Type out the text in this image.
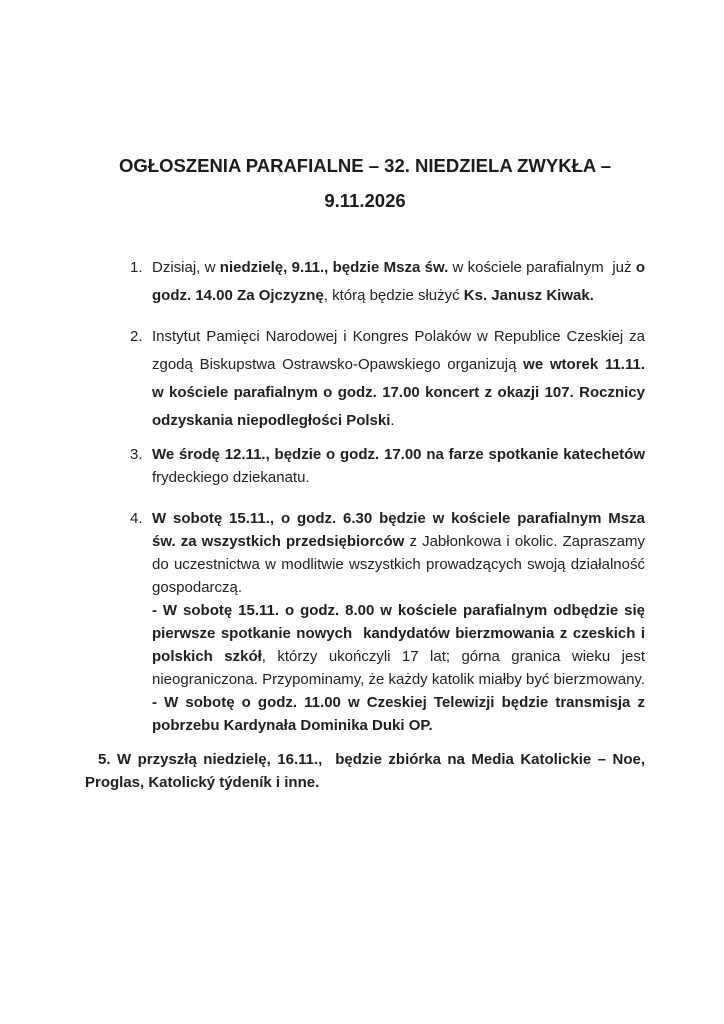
OGŁOSZENIA PARAFIALNE – 32. NIEDZIELA ZWYKŁA –
9.11.2026
1. Dzisiaj, w niedzielę, 9.11., będzie Msza św. w kościele parafialnym  już o godz. 14.00 Za Ojczyznę, którą będzie służyć Ks. Janusz Kiwak.

2. Instytut Pamięci Narodowej i Kongres Polaków w Republice Czeskiej za zgodą Biskupstwa Ostrawsko-Opawskiego organizują we wtorek 11.11. w kościele parafialnym o godz. 17.00 koncert z okazji 107. Rocznicy odzyskania niepodległości Polski.

3. We środę 12.11., będzie o godz. 17.00 na farze spotkanie katechetów frydeckiego dziekanatu.

4. W sobotę 15.11., o godz. 6.30 będzie w kościele parafialnym Msza św. za wszystkich przedsiębiorców z Jabłonkowa i okolic. Zapraszamy do uczestnictwa w modlitwie wszystkich prowadzących swoją działalność gospodarczą.

- W sobotę 15.11. o godz. 8.00 w kościele parafialnym odbędzie się pierwsze spotkanie nowych  kandydatów bierzmowania z czeskich i polskich szkół, którzy ukończyli 17 lat; górna granica wieku jest nieograniczona. Przypominamy, że każdy katolik miałby być bierzmowany.

- W sobotę o godz. 11.00 w Czeskiej Telewizji będzie transmisja z pobrzebu Kardynała Dominika Duki OP.

5. W przyszłą niedzielę, 16.11.,  będzie zbiórka na Media Katolickie – Noe, Proglas, Katolický týdeník i inne.
